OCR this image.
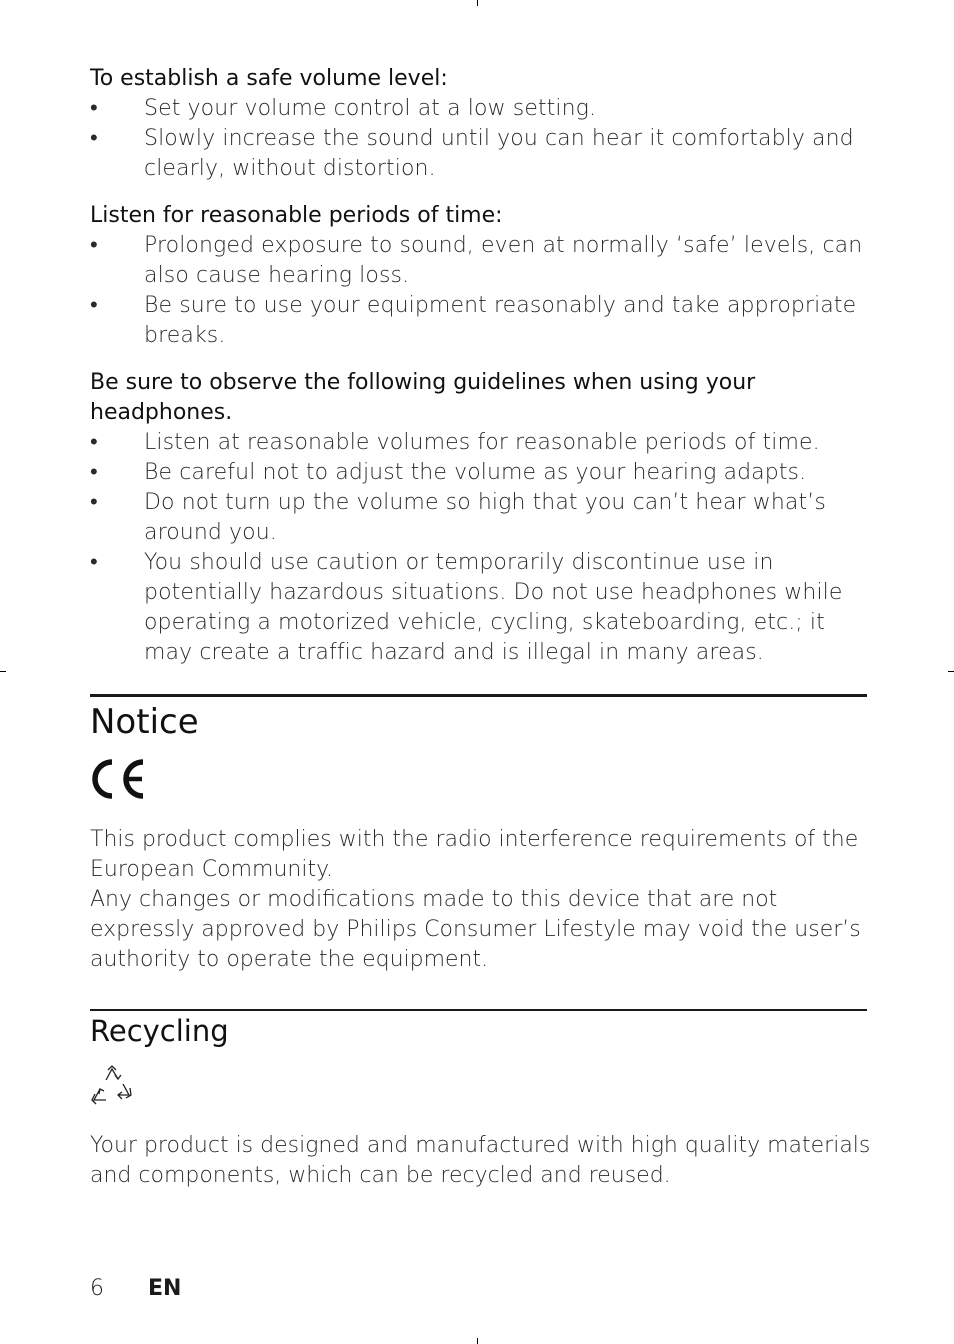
To establish a safe volume level:

•	Set your volume control at a low setting.
•	Slowly increase the sound until you can hear it comfortably and clearly, without distortion.

Listen for reasonable periods of time:

•	Prolonged exposure to sound, even at normally ‘safe’ levels, can also cause hearing loss.
•	Be sure to use your equipment reasonably and take appropriate breaks.

Be sure to observe the following guidelines when using your headphones.

•	Listen at reasonable volumes for reasonable periods of time.
•	Be careful not to adjust the volume as your hearing adapts.
•	Do not turn up the volume so high that you can’t hear what’s around you.
•	You should use caution or temporarily discontinue use in potentially hazardous situations. Do not use headphones while operating a motorized vehicle, cycling, skateboarding, etc.; it may create a traffic hazard and is illegal in many areas.
Notice

This product complies with the radio interference requirements of the European Community.

Any changes or modifications made to this device that are not expressly approved by Philips Consumer Lifestyle may void the user’s authority to operate the equipment.

Recycling

Your product is designed and manufactured with high quality materials and components, which can be recycled and reused.

6 EN
